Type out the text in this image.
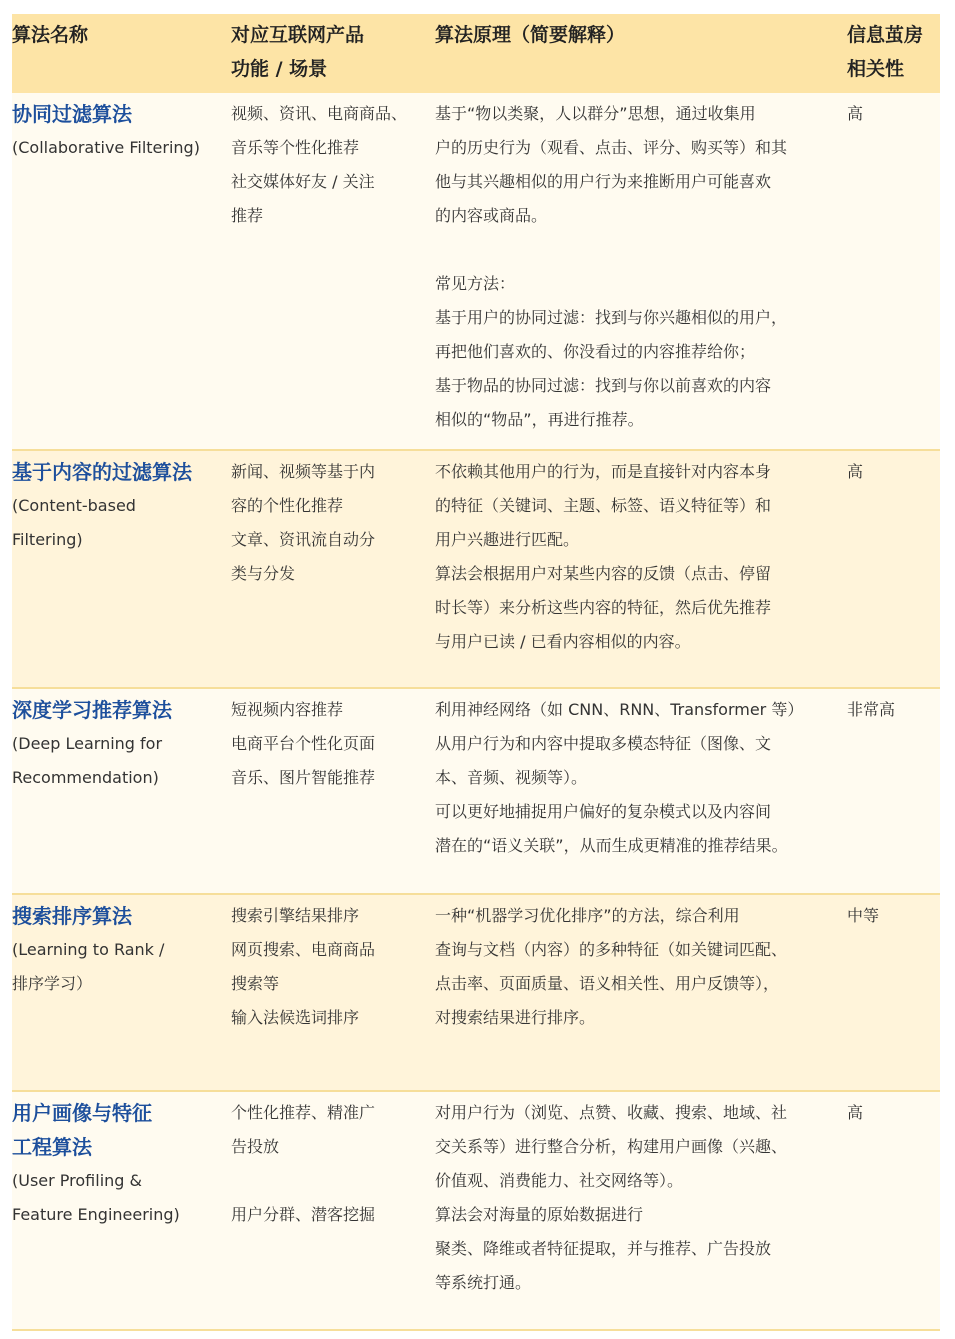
算法名称	对应互联网产品
功能 / 场景
算法原理（简要解释）	信息茧房
相关性
协同过滤算法
(Collaborative Filtering)
视频、资讯、电商商品、
音乐等个性化推荐
社交媒体好友 / 关注
推荐
基于“物以类聚，人以群分”思想，通过收集用
户的历史行为（观看、点击、评分、购买等）和其
他与其兴趣相似的用户行为来推断用户可能喜欢
的内容或商品。
常见方法：
基于用户的协同过滤：找到与你兴趣相似的用户，
再把他们喜欢的、你没看过的内容推荐给你；
基于物品的协同过滤：找到与你以前喜欢的内容
相似的“物品”，再进行推荐。
高
基于内容的过滤算法
(Content-based
Filtering)
新闻、视频等基于内
容的个性化推荐
文章、资讯流自动分
类与分发
不依赖其他用户的行为，而是直接针对内容本身
的特征（关键词、主题、标签、语义特征等）和
用户兴趣进行匹配。
算法会根据用户对某些内容的反馈（点击、停留
时长等）来分析这些内容的特征，然后优先推荐
与用户已读 / 已看内容相似的内容。
高
深度学习推荐算法
(Deep Learning for
Recommendation)
短视频内容推荐
电商平台个性化页面
音乐、图片智能推荐
利用神经网络（如 CNN、RNN、Transformer 等）
从用户行为和内容中提取多模态特征（图像、文
本、音频、视频等）。
可以更好地捕捉用户偏好的复杂模式以及内容间
潜在的“语义关联”，从而生成更精准的推荐结果。
非常高
搜索排序算法
(Learning to Rank /
排序学习）
搜索引擎结果排序
网页搜索、电商商品
搜索等
输入法候选词排序
一种“机器学习优化排序”的方法，综合利用
查询与文档（内容）的多种特征（如关键词匹配、
点击率、页面质量、语义相关性、用户反馈等），
对搜索结果进行排序。
中等
用户画像与特征
工程算法
(User Profiling &
Feature Engineering)
个性化推荐、精准广
告投放
用户分群、潜客挖掘
对用户行为（浏览、点赞、收藏、搜索、地域、社
交关系等）进行整合分析，构建用户画像（兴趣、
价值观、消费能力、社交网络等）。
算法会对海量的原始数据进行
聚类、降维或者特征提取，并与推荐、广告投放
等系统打通。
高
